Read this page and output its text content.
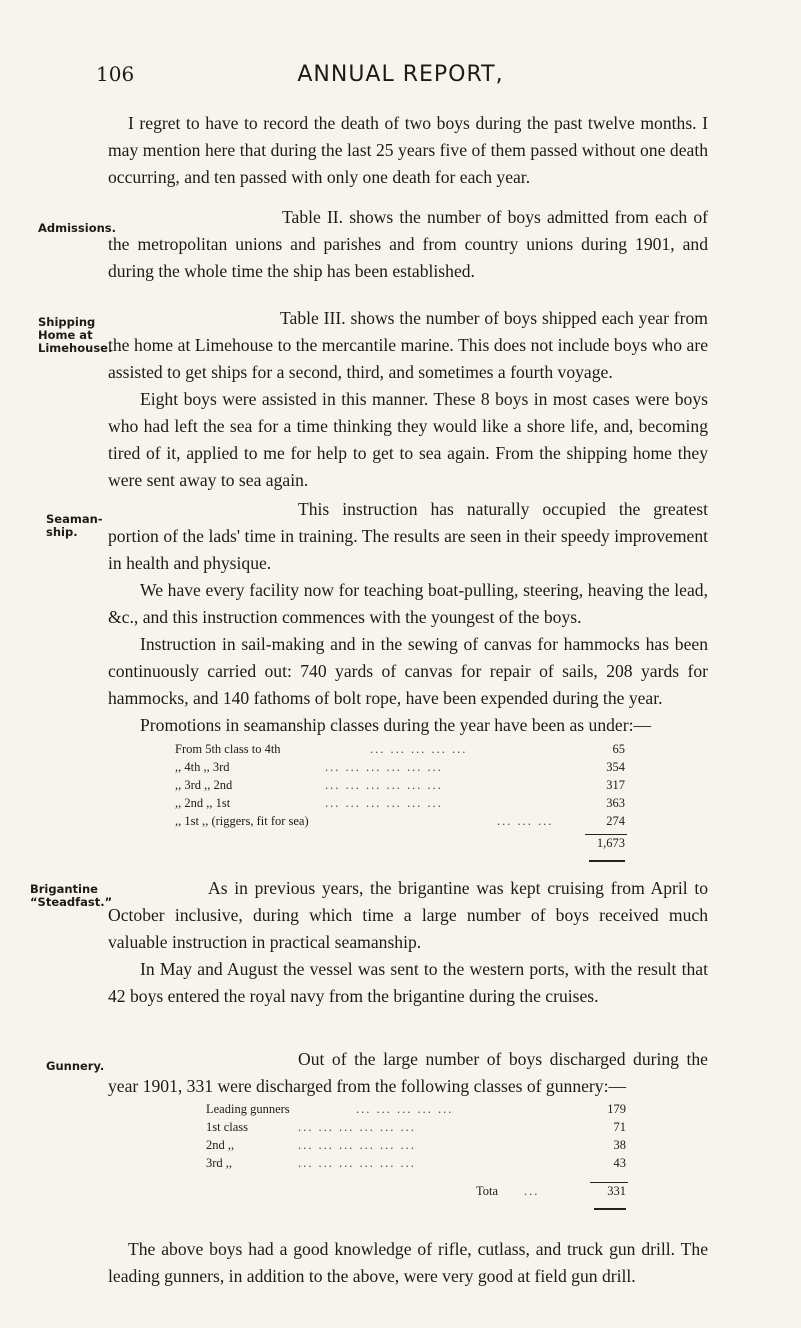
106	ANNUAL REPORT,

I regret to have to record the death of two boys during the past twelve months. I may mention here that during the last 25 years five of them passed without one death occurring, and ten passed with only one death for each year.

Admissions.

Table II. shows the number of boys admitted from each of the metropolitan unions and parishes and from country unions during 1901, and during the whole time the ship has been established.

Shipping
Home at
Limehouse.

Table III. shows the number of boys shipped each year from the home at Limehouse to the mercantile marine. This does not include boys who are assisted to get ships for a second, third, and sometimes a fourth voyage.

Eight boys were assisted in this manner. These 8 boys in most cases were boys who had left the sea for a time thinking they would like a shore life, and, becoming tired of it, applied to me for help to get to sea again. From the shipping home they were sent away to sea again.

Seaman-
ship.

This instruction has naturally occupied the greatest portion of the lads' time in training. The results are seen in their speedy improvement in health and physique.

We have every facility now for teaching boat-pulling, steering, heaving the lead, &c., and this instruction commences with the youngest of the boys.

Instruction in sail-making and in the sewing of canvas for hammocks has been continuously carried out: 740 yards of canvas for repair of sails, 208 yards for hammocks, and 140 fathoms of bolt rope, have been expended during the year.

Promotions in seamanship classes during the year have been as under:—

From 5th class to 4th	... ... ... ... ...	65
,, 4th ,, 3rd	... ... ... ... ... ...	354
,, 3rd ,, 2nd	... ... ... ... ... ...	317
,, 2nd ,, 1st	... ... ... ... ... ...	363
,, 1st ,, (riggers, fit for sea)	... ... ...	274
1,673

Brigantine
“Steadfast.”

As in previous years, the brigantine was kept cruising from April to October inclusive, during which time a large number of boys received much valuable instruction in practical seamanship.

In May and August the vessel was sent to the western ports, with the result that 42 boys entered the royal navy from the brigantine during the cruises.

Gunnery.	Out of the large number of boys discharged during the year 1901, 331 were discharged from the following classes of gunnery:—

Leading gunners	... ... ... ... ...	179
1st class	... ... ... ... ... ...	71
2nd ,,	... ... ... ... ... ...	38
3rd ,,	... ... ... ... ... ...	43
Tota ...	331

The above boys had a good knowledge of rifle, cutlass, and truck gun drill. The leading gunners, in addition to the above, were very good at field gun drill.
